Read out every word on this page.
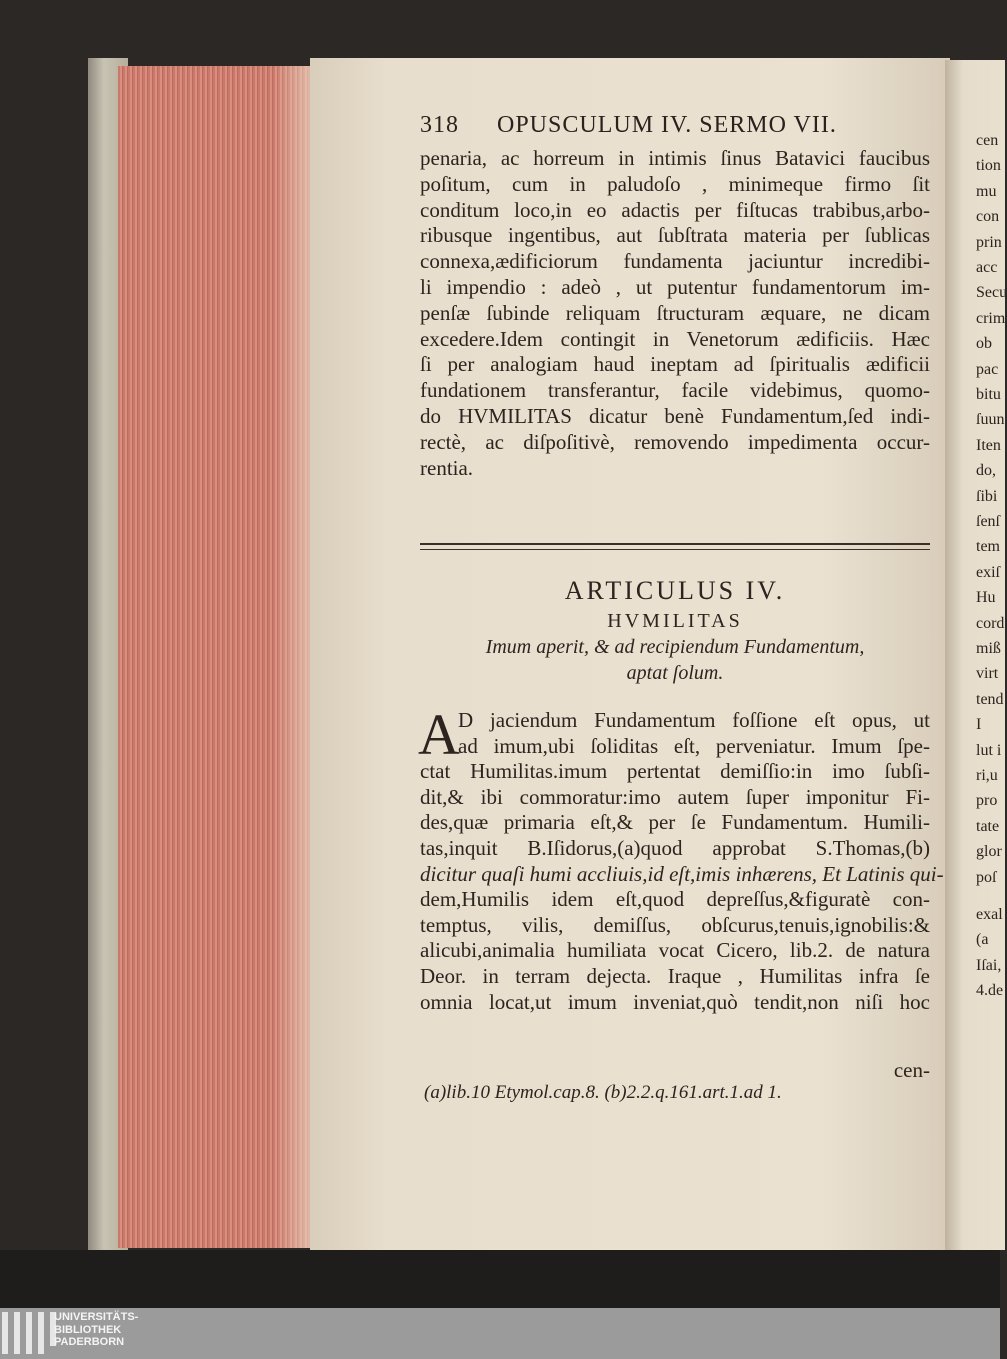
318 OPUSCULUM IV. SERMO VII.
penaria, ac horreum in intimis ſinus Batavici faucibus
poſitum, cum in paludoſo , minimeque firmo ſit
conditum loco,in eo adactis per fiſtucas trabibus,arbo-
ribusque ingentibus, aut ſubſtrata materia per ſublicas
connexa,ædificiorum fundamenta jaciuntur incredibi-
li impendio : adeò , ut putentur fundamentorum im-
penſæ ſubinde reliquam ſtructuram æquare, ne dicam
excedere.Idem contingit in Venetorum ædificiis. Hæc
ſi per analogiam haud ineptam ad ſpiritualis ædificii
fundationem transferantur, facile videbimus, quomo-
do HVMILITAS dicatur benè Fundamentum,ſed indi-
rectè, ac diſpoſitivè, removendo impedimenta occur-
rentia.
ARTICULUS IV.
HVMILITAS
Imum aperit, & ad recipiendum Fundamentum,
aptat ſolum.
A
D jaciendum Fundamentum foſſione eſt opus, ut
ad imum,ubi ſoliditas eſt, perveniatur. Imum ſpe-
ctat Humilitas.imum pertentat demiſſio:in imo ſubſi-
dit,& ibi commoratur:imo autem ſuper imponitur Fi-
des,quæ primaria eſt,& per ſe Fundamentum. Humili-
tas,inquit B.Iſidorus,(a)quod approbat S.Thomas,(b)
dicitur quaſi humi accliuis,id eſt,imis inhærens, Et Latinis qui-
dem,Humilis idem eſt,quod depreſſus,&figuratè con-
temptus, vilis, demiſſus, obſcurus,tenuis,ignobilis:&
alicubi,animalia humiliata vocat Cicero, lib.2. de natura
Deor. in terram dejecta. Iraque , Humilitas infra ſe
omnia locat,ut imum inveniat,quò tendit,non niſi hoc
cen-
(a)lib.10 Etymol.cap.8. (b)2.2.q.161.art.1.ad 1.
cen
tion
mu
con
prin
acc
Secu
crim
ob
pac
bitu
ſuun
Iten
do,
ſibi
ſenſ
tem
exiſ
Hu
cord
miß
virt
tend
I
lut i
ri,u
pro
tate
glor
poſ
exal
(a
Iſai,
4.de
UNIVERSITÄTS-
BIBLIOTHEK
PADERBORN
